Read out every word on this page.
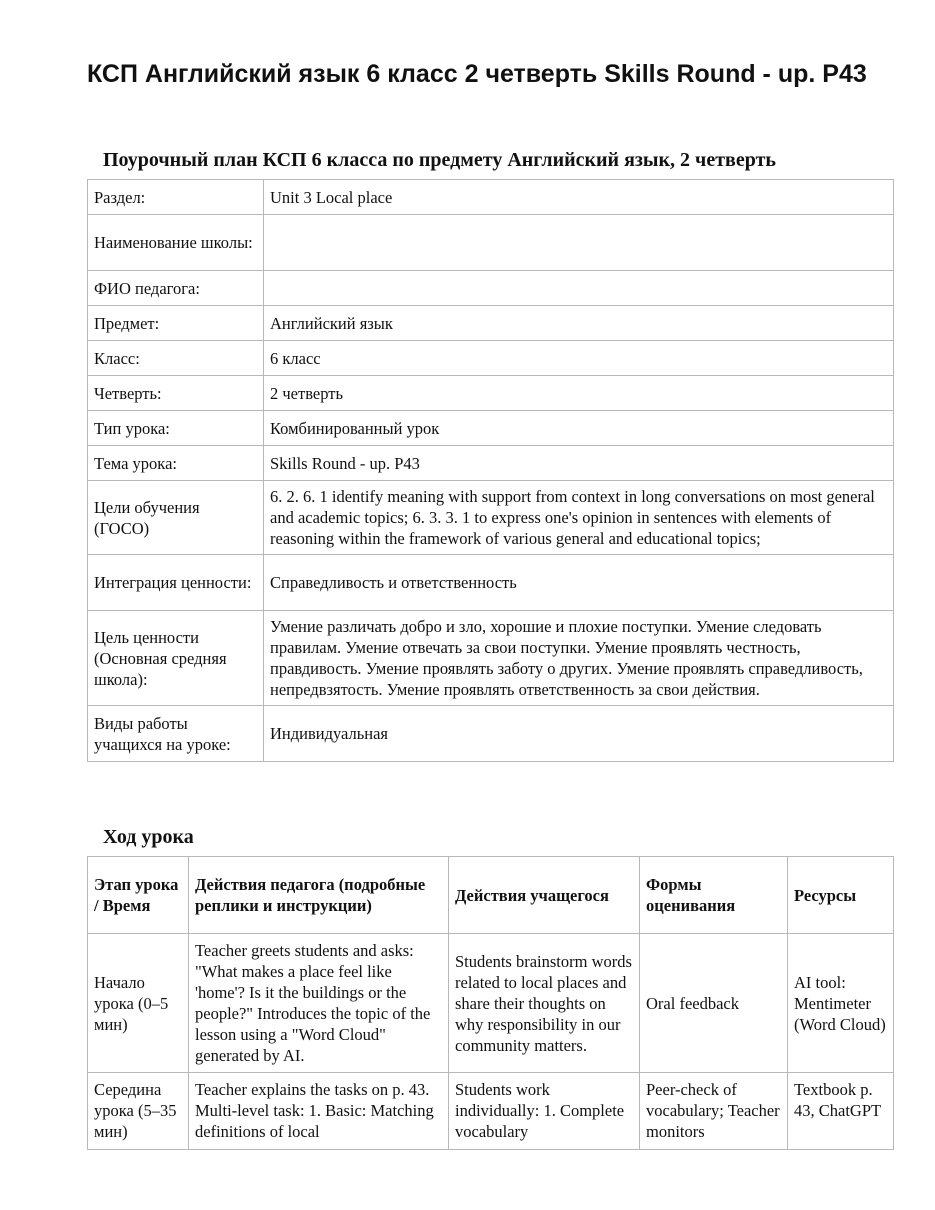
КСП Английский язык 6 класс 2 четверть Skills Round - up. P43
Поурочный план КСП 6 класса по предмету Английский язык, 2 четверть
Раздел:	Unit 3 Local place
Наименование школы:	
ФИО педагога:	
Предмет:	Английский язык
Класс:	6 класс
Четверть:	2 четверть
Тип урока:	Комбинированный урок
Тема урока:	Skills Round - up. P43
Цели обучения (ГОСО)	6. 2. 6. 1 identify meaning with support from context in long conversations on most general and academic topics; 6. 3. 3. 1 to express one's opinion in sentences with elements of reasoning within the framework of various general and educational topics;
Интеграция ценности:	Справедливость и ответственность
Цель ценности (Основная средняя школа):	Умение различать добро и зло, хорошие и плохие поступки. Умение следовать правилам. Умение отвечать за свои поступки. Умение проявлять честность, правдивость. Умение проявлять заботу о других. Умение проявлять справедливость, непредвзятость. Умение проявлять ответственность за свои действия.
Виды работы учащихся на уроке:	Индивидуальная
Ход урока
Этап урока / Время	Действия педагога (подробные реплики и инструкции)	Действия учащегося	Формы оценивания	Ресурсы
Начало урока (0–5 мин)	Teacher greets students and asks: "What makes a place feel like 'home'? Is it the buildings or the people?" Introduces the topic of the lesson using a "Word Cloud" generated by AI.	Students brainstorm words related to local places and share their thoughts on why responsibility in our community matters.	Oral feedback	AI tool: Mentimeter (Word Cloud)
Середина урока (5–35 мин)	Teacher explains the tasks on p. 43. Multi-level task: 1. Basic: Matching definitions of local	Students work individually: 1. Complete vocabulary	Peer-check of vocabulary; Teacher monitors	Textbook p. 43, ChatGPT
